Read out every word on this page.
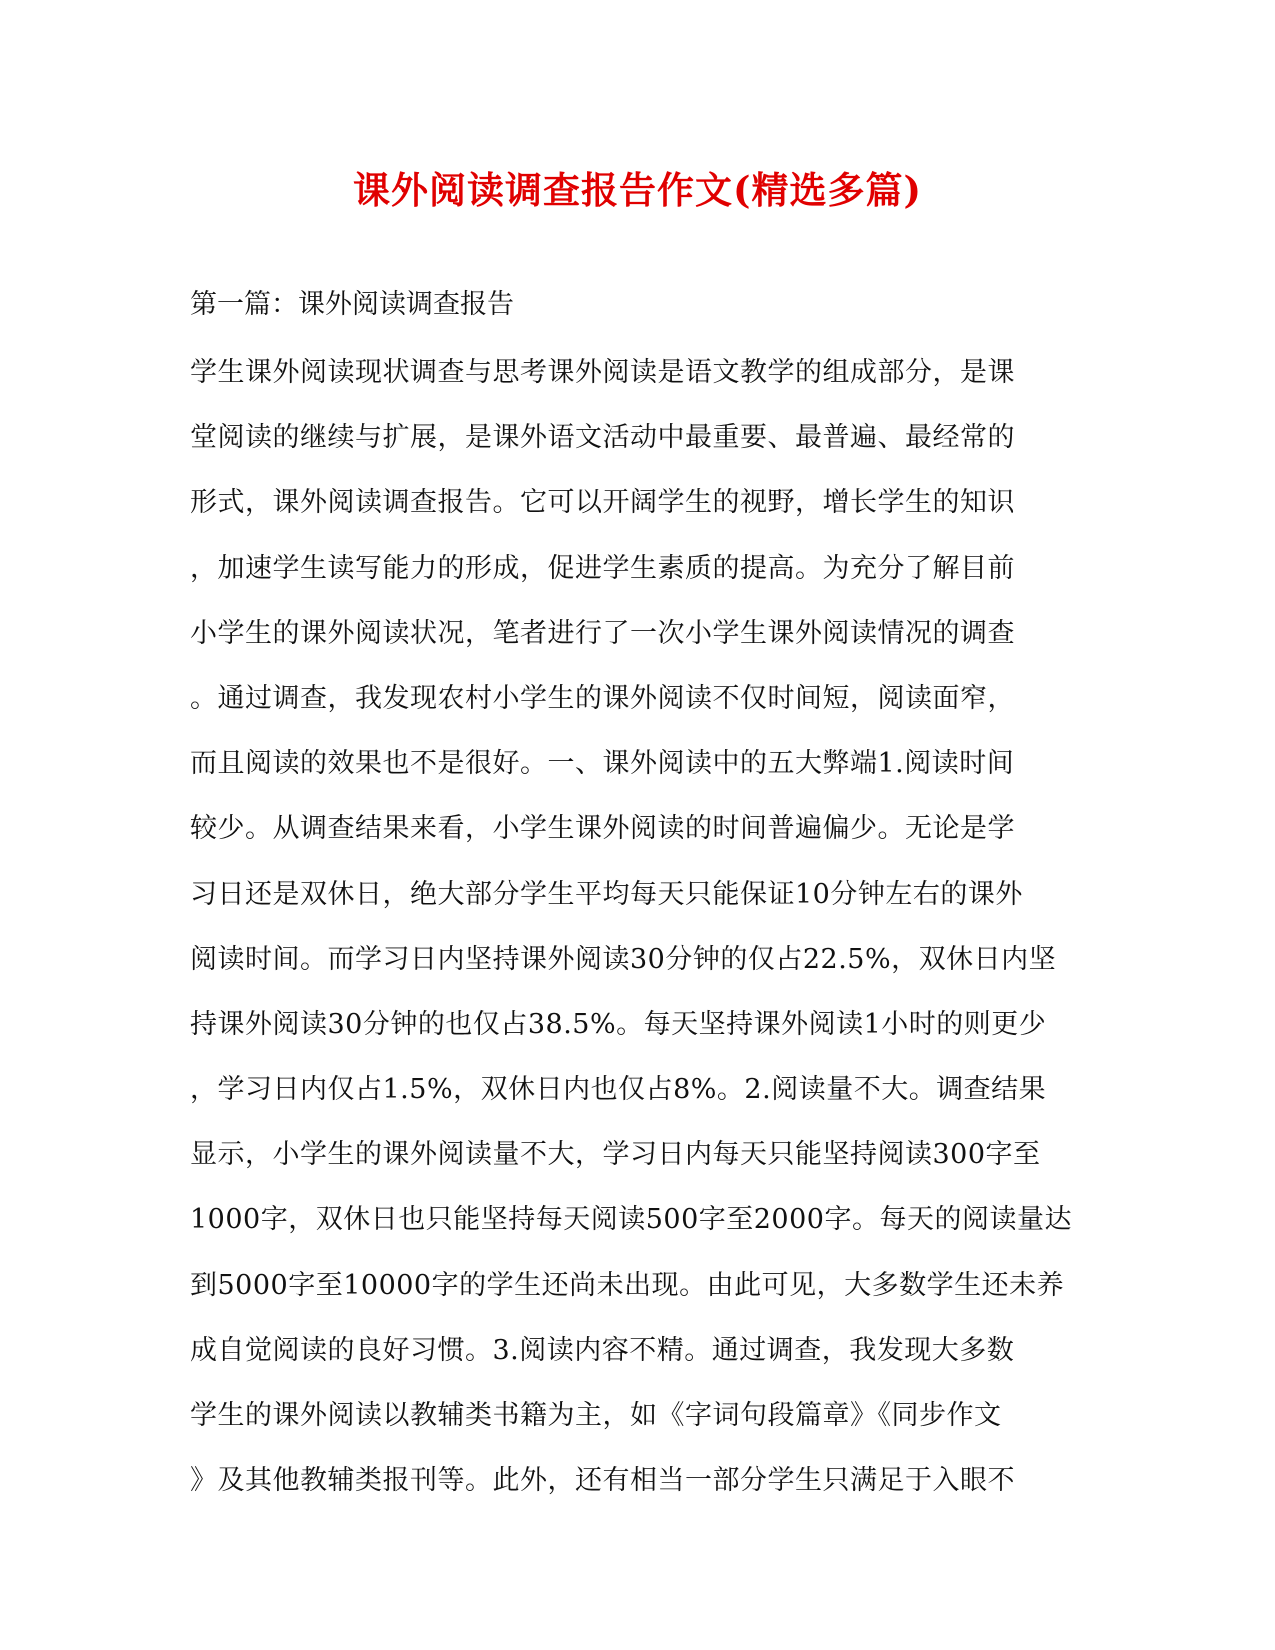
课外阅读调查报告作文(精选多篇)
第一篇：课外阅读调查报告
学生课外阅读现状调查与思考课外阅读是语文教学的组成部分，是课
堂阅读的继续与扩展，是课外语文活动中最重要、最普遍、最经常的
形式，课外阅读调查报告。它可以开阔学生的视野，增长学生的知识
，加速学生读写能力的形成，促进学生素质的提高。为充分了解目前
小学生的课外阅读状况，笔者进行了一次小学生课外阅读情况的调查
。通过调查，我发现农村小学生的课外阅读不仅时间短，阅读面窄，
而且阅读的效果也不是很好。一、课外阅读中的五大弊端1.阅读时间
较少。从调查结果来看，小学生课外阅读的时间普遍偏少。无论是学
习日还是双休日，绝大部分学生平均每天只能保证10分钟左右的课外
阅读时间。而学习日内坚持课外阅读30分钟的仅占22.5%，双休日内坚
持课外阅读30分钟的也仅占38.5%。每天坚持课外阅读1小时的则更少
，学习日内仅占1.5%，双休日内也仅占8%。2.阅读量不大。调查结果
显示，小学生的课外阅读量不大，学习日内每天只能坚持阅读300字至
1000字，双休日也只能坚持每天阅读500字至2000字。每天的阅读量达
到5000字至10000字的学生还尚未出现。由此可见，大多数学生还未养
成自觉阅读的良好习惯。3.阅读内容不精。通过调查，我发现大多数
学生的课外阅读以教辅类书籍为主，如《字词句段篇章》《同步作文
》及其他教辅类报刊等。此外，还有相当一部分学生只满足于入眼不
